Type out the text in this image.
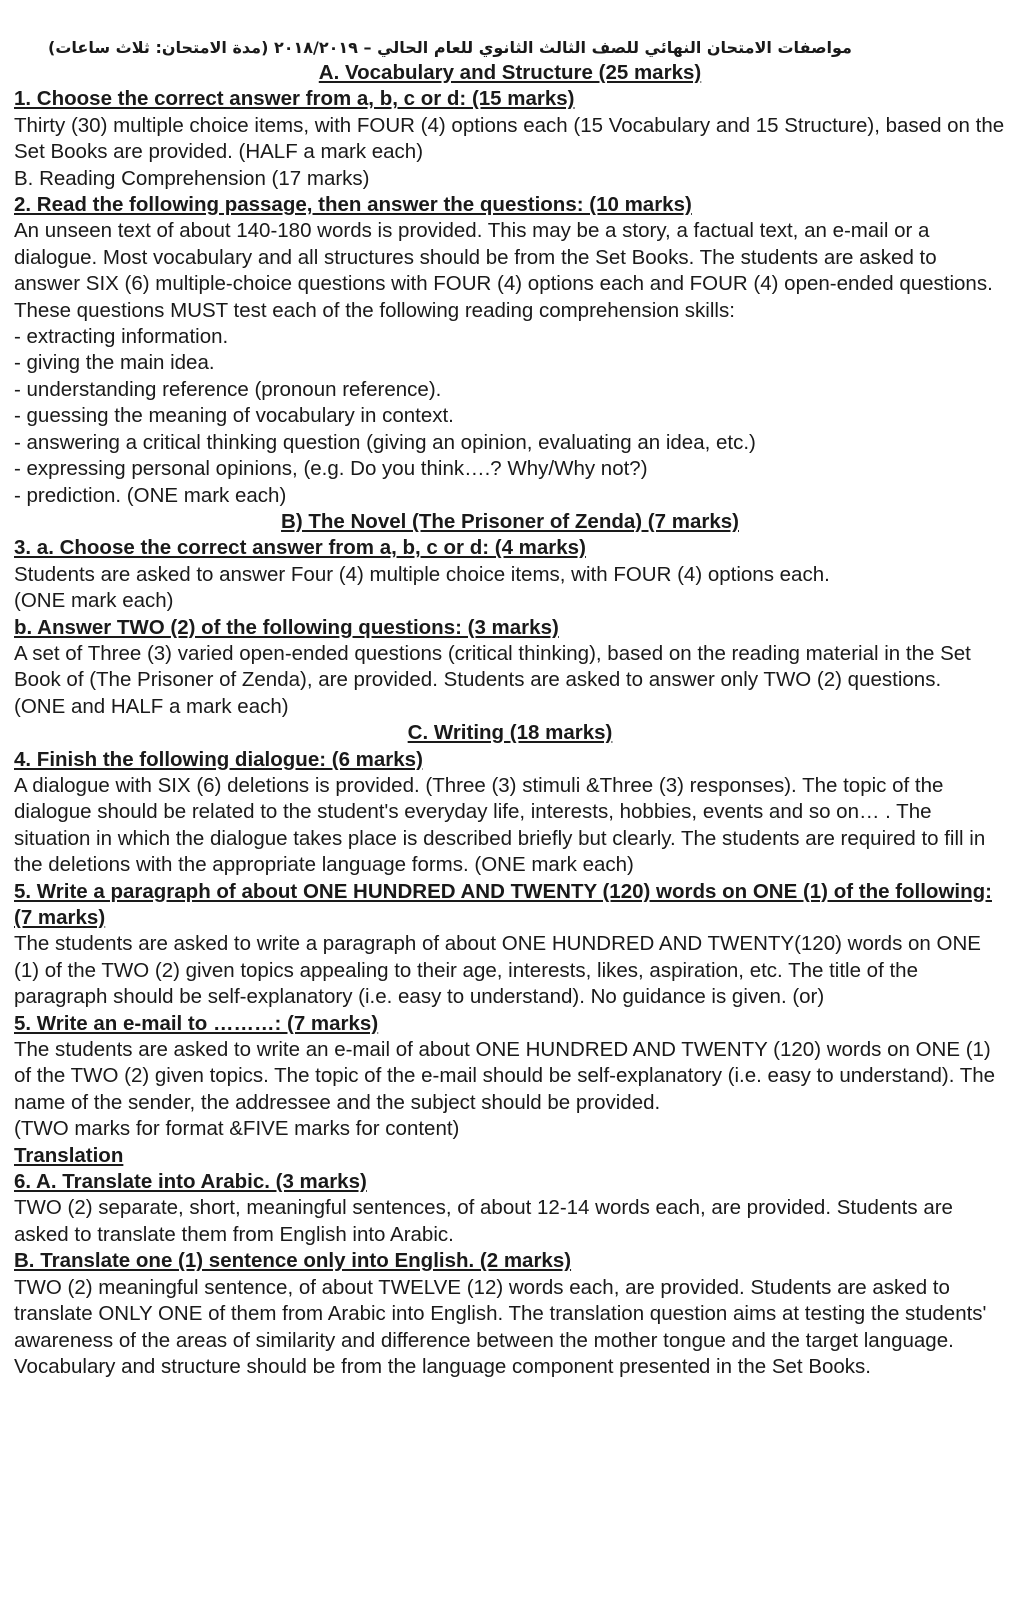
مواصفات الامتحان النهائي للصف الثالث الثانوي للعام الحالي – ٢٠١٨/٢٠١٩ (مدة الامتحان: ثلاث ساعات)

A. Vocabulary and Structure (25 marks)

1. Choose the correct answer from a, b, c or d: (15 marks)

Thirty (30) multiple choice items, with FOUR (4) options each (15 Vocabulary and 15 Structure), based on the Set Books are provided. (HALF a mark each)

B. Reading Comprehension (17 marks)

2. Read the following passage, then answer the questions: (10 marks)

An unseen text of about 140-180 words is provided. This may be a story, a factual text, an e-mail or a dialogue. Most vocabulary and all structures should be from the Set Books. The students are asked to answer SIX (6) multiple-choice questions with FOUR (4) options each and FOUR (4) open-ended questions.

These questions MUST test each of the following reading comprehension skills:

- extracting information.
- giving the main idea.
- understanding reference (pronoun reference).
- guessing the meaning of vocabulary in context.
- answering a critical thinking question (giving an opinion, evaluating an idea, etc.)
- expressing personal opinions, (e.g. Do you think….? Why/Why not?)
- prediction. (ONE mark each)

B) The Novel (The Prisoner of Zenda) (7 marks)

3. a. Choose the correct answer from a, b, c or d: (4 marks)

Students are asked to answer Four (4) multiple choice items, with FOUR (4) options each.

(ONE mark each)

b. Answer TWO (2) of the following questions: (3 marks)

A set of Three (3) varied open-ended questions (critical thinking), based on the reading material in the Set Book of (The Prisoner of Zenda), are provided. Students are asked to answer only TWO (2) questions.

(ONE and HALF a mark each)

C. Writing (18 marks)

4. Finish the following dialogue: (6 marks)

A dialogue with SIX (6) deletions is provided. (Three (3) stimuli &Three (3) responses). The topic of the dialogue should be related to the student's everyday life, interests, hobbies, events and so on… . The situation in which the dialogue takes place is described briefly but clearly. The students are required to fill in the deletions with the appropriate language forms. (ONE mark each)

5. Write a paragraph of about ONE HUNDRED AND TWENTY (120) words on ONE (1) of the following: (7 marks)

The students are asked to write a paragraph of about ONE HUNDRED AND TWENTY(120) words on ONE (1) of the TWO (2) given topics appealing to their age, interests, likes, aspiration, etc. The title of the paragraph should be self-explanatory (i.e. easy to understand). No guidance is given. (or)

5. Write an e-mail to ………: (7 marks)

The students are asked to write an e-mail of about ONE HUNDRED AND TWENTY (120) words on ONE (1) of the TWO (2) given topics. The topic of the e-mail should be self-explanatory (i.e. easy to understand). The name of the sender, the addressee and the subject should be provided.

(TWO marks for format &FIVE marks for content)

Translation

6. A. Translate into Arabic. (3 marks)

TWO (2) separate, short, meaningful sentences, of about 12-14 words each, are provided. Students are asked to translate them from English into Arabic.

B. Translate one (1) sentence only into English. (2 marks)

TWO (2) meaningful sentence, of about TWELVE (12) words each, are provided. Students are asked to translate ONLY ONE of them from Arabic into English. The translation question aims at testing the students' awareness of the areas of similarity and difference between the mother tongue and the target language. Vocabulary and structure should be from the language component presented in the Set Books.
